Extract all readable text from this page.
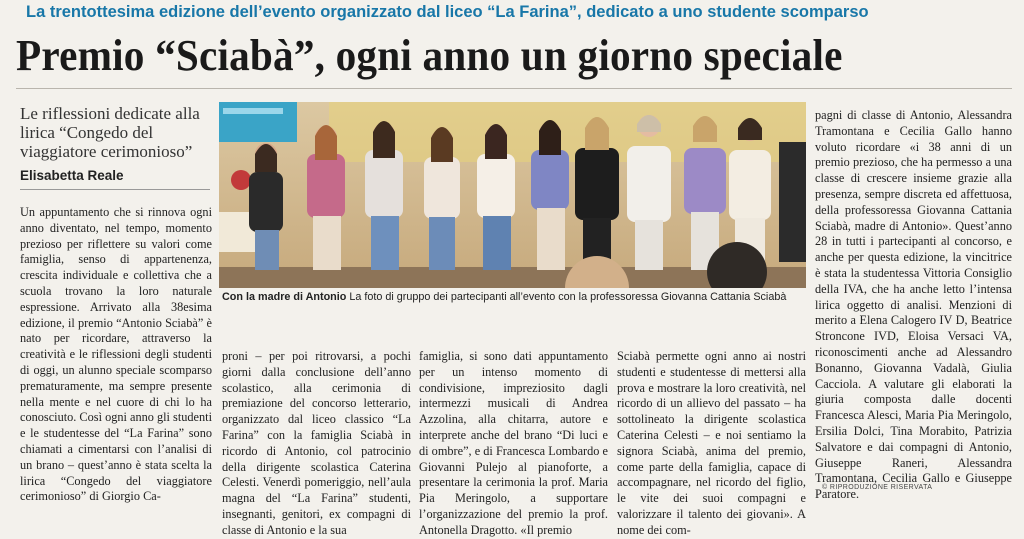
La trentottesima edizione dell’evento organizzato dal liceo “La Farina”, dedicato a uno studente scomparso
Premio “Sciabà”, ogni anno un giorno speciale
Le riflessioni dedicate alla lirica “Congedo del viaggiatore cerimonioso”
Elisabetta Reale

Un appuntamento che si rinnova ogni anno diventato, nel tempo, momento prezioso per riflettere su valori come famiglia, senso di appartenenza, crescita individuale e collettiva che a scuola trovano la loro naturale espressione. Arrivato alla 38esima edizione, il premio “Antonio Sciabà” è nato per ricordare, attraverso la creatività e le riflessioni degli studenti di oggi, un alunno speciale scomparso prematuramente, ma sempre presente nella mente e nel cuore di chi lo ha conosciuto. Così ogni anno gli studenti e le studentesse del “La Farina” sono chiamati a cimentarsi con l’analisi di un brano – quest’anno è stata scelta la lirica “Congedo del viaggiatore cerimonioso” di Giorgio Ca-

Con la madre di Antonio La foto di gruppo dei partecipanti all’evento con la professoressa Giovanna Cattania Sciabà

proni – per poi ritrovarsi, a pochi giorni dalla conclusione dell’anno scolastico, alla cerimonia di premiazione del concorso letterario, organizzato dal liceo classico “La Farina” con la famiglia Sciabà in ricordo di Antonio, col patrocinio della dirigente scolastica Caterina Celesti. Venerdì pomeriggio, nell’aula magna del “La Farina” studenti, insegnanti, genitori, ex compagni di classe di Antonio e la sua

famiglia, si sono dati appuntamento per un intenso momento di condivisione, impreziosito dagli intermezzi musicali di Andrea Azzolina, alla chitarra, autore e interprete anche del brano “Di luci e di ombre”, e di Francesca Lombardo e Giovanni Pulejo al pianoforte, a presentare la cerimonia la prof. Maria Pia Meringolo, a supportare l’organizzazione del premio la prof. Antonella Dragotto. «Il premio

Sciabà permette ogni anno ai nostri studenti e studentesse di mettersi alla prova e mostrare la loro creatività, nel ricordo di un allievo del passato – ha sottolineato la dirigente scolastica Caterina Celesti – e noi sentiamo la signora Sciabà, anima del premio, come parte della famiglia, capace di accompagnare, nel ricordo del figlio, le vite dei suoi compagni e valorizzare il talento dei giovani». A nome dei com-

pagni di classe di Antonio, Alessandra Tramontana e Cecilia Gallo hanno voluto ricordare «i 38 anni di un premio prezioso, che ha permesso a una classe di crescere insieme grazie alla presenza, sempre discreta ed affettuosa, della professoressa Giovanna Cattania Sciabà, madre di Antonio». Quest’anno 28 in tutti i partecipanti al concorso, e anche per questa edizione, la vincitrice è stata la studentessa Vittoria Consiglio della IVA, che ha anche letto l’intensa lirica oggetto di analisi. Menzioni di merito a Elena Calogero IV D, Beatrice Stroncone IVD, Eloisa Versaci VA, riconoscimenti anche ad Alessandro Bonanno, Giovanna Vadalà, Giulia Cacciola. A valutare gli elaborati la giuria composta dalle docenti Francesca Alesci, Maria Pia Meringolo, Ersilia Dolci, Tina Morabito, Patrizia Salvatore e dai compagni di Antonio, Giuseppe Raneri, Alessandra Tramontana, Cecilia Gallo e Giuseppe Paratore.

© RIPRODUZIONE RISERVATA
